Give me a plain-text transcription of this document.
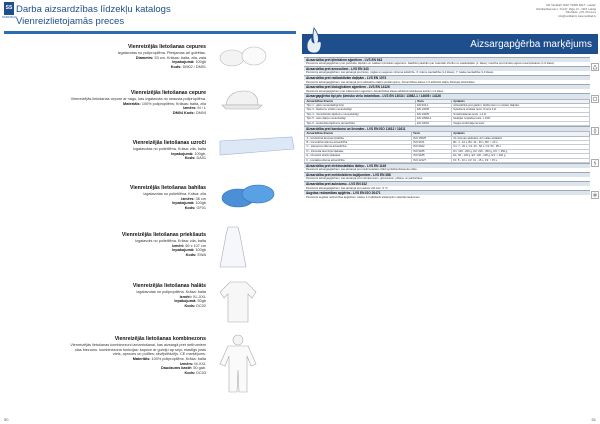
SS
NORD BALT
Darba aizsardzības līdzekļu katalogs
Vienreizlietojamās preces
Vienreizējās lietošanas cepures
Izgatavotas no polipropilēna. Pieejamas arī gofrētas.
Diametrs: 53 cm. Krāsas: balta, zila, zaļa
Iepakojumā: 100gb
Kods: DM02 / DM01
Vienreizējās lietošanas cepure
Vienreizējās lietošanas cepure ar nagu, kas izgatavota no neausta polipropilēna.
Materiāls: 100% polipropilēns; Krāsas: balta, zila
Izmērs: M / L
DM04 Kods: DM04
Vienreizējās lietošanas uzroči
Izgatavotas no polietilēna. Krāsa: zila, balta
Iepakojumā: 100gb.
Kods: DA01
Vienreizējās lietošanas bahilas
Izgatavotas no polietilēna. Krāsa: zila
Izmērs: 36 cm
Iepakojumā: 100gb
Kods: GF01
Vienreizējās lietošanas priekšauts
Izgatavots no polietilēna. Krāsa: zila, balta
Izmēri: 69 x 107 cm
Iepakojumā: 100gb
Kods: EWA
Vienreizējās lietošanas halāts
Izgatavotas no polipropilēna. Krāsa: balta
Izmēri: XL-XXL
Iepakojumā: 50gb
Kods: DC02
Vienreizējās lietošanas kombinezons
Vienreizējās lietošanas kombinezoni izmantošanai, kas aizsargā pret netīrumiem
ņlas biezumu. kombinezona funkcijas: kapuce ar gumiju ap seju; elastīgs josts
viets, aproces un potītes; rāvējslēdzējs. CE marķējums.
Materiāls: 100% polipropilēns. Krāsa: balta
Izmērs: M-XXL
Daudzums kastē: 50 gab.
Kods: DC03
50
SIA "Nordbalt" Rīdzi "NORD BALT - Latvija"
Dārzkopības iela 1, "Kunči", Rīga, LV - 1015, Latvija
Tālr./fakss: +371 67xxxxxx
info@nordbalt.lv www.nordbalt.lv
Aizsargapģērba marķējums
Aizsardzība pret ķīmiskiem aģentiem - LVS EN 943
Piemērots aizsargapģērbam pret gāzveida, šķidrām un tvaikiem ķīmiskiem aģentiem. Jāatbilst prasībām par materiālu izturību un sastāvdaļām (1. klase); noturība pret ķīmisku aģentu caurspiešanos (1-6 klase).
Aizsardzība pret aerosoliem - LVS EN 343
Piemērots aizsargapģērbam, kas aizsargā pret lietus, miglas un augsnes mitruma iedarbību. X: ūdens caurlaidība (1-3 klase), Y: tvaika caurlaidība (1-3 klase).
Aizsardzība pret radioaktīvām daļiņām - LVS EN 1073
Piemērots aizsargapģērbam, kas aizsargā pret radioaktīvu daļiņu piesārņojumu. Aizsardzības klases 1-5 atbilstoši daļiņu filtrācijas efektivitātei.
Aizsardzība pret bioloģiskiem aģentiem - LVS EN 14126
Piemērots aizsargapģērbam pret infekcioziem aģentiem. Aizsardzības klases atbilstoši iekļūšanas testiem 1-6 klase.
Aizsargapģērba tipi pēc ķīmisko vielu iedarbības - LVS EN 13034 / 13982-1 / 14605 / 14126
Aizsardzības līmenis	Tests	Apraksts
Tips 1 - gāzu necaurlaidīgi tērpi	EN 943-1	Aizsardzība pret gāzēm, šķidrumiem un cietām daļiņām
Tips 3 - šķidrumu strūklu necaurlaidīgi	EN 14605	Spiediena strūklas tests, izmērs 4 kl.
Tips 4 - izsmidzinātu šķidrumu necaurlaidīgi	EN 14605	Smidzināšanas tests, 1-4 kl.
Tips 5 - cieto daļiņu necaurlaidīgi	EN 13982-1	Iekšējās noplūdes tests, ≤ 15%
Tips 6 - ierobežota šķidrumu aizsardzība	EN 13034	Viegla smidzinājuma tests
Aizsardzība pret karstumu un liesmām - LVS EN ISO 11612 / 11611
Aizsardzības līmenis	Tests	Apraksts
A - ierobežota liesmas izplatība	ISO 15025	A1 virsmas aizdedze, A2 malas aizdedze
B - konvektīvā siltuma aizsardzība	ISO 9151	B1: 4 - 10 s, B2: 10 - 20 s, B3: > 20 s
C - starojuma siltuma aizsardzība	ISO 6942	C1: 7 - 20 s, C2: 20 - 50 s, C3: 50 - 95 s
D - izkusuša alumīnija šļakatas	ISO 9185	D1: 100 - 200 g, D2: 200 - 350 g, D3: > 350 g
E - izkusuša dzelzs šļakatas	ISO 9185	E1: 60 - 120 g, E2: 120 - 200 g, E3: > 200 g
F - kontakta siltuma aizsardzība	ISO 12127	F1: 5 - 10 s, F2: 10 - 15 s, F3: > 15 s
Aizsardzība pret elektrostatisko lādiņu - LVS EN 1149
Piemērots aizsargapģērbam, kas aizsargā pret elektrostatisko izlādi sprādzienbīstamās vidēs.
Aizsardzība pret mehāniskiem bojājumiem - LVS EN 388
Piemērots aizsargapģērbam, kas aizsargā pret nobrāzumiem, griezumiem, plīšanu un pārduršanu.
Aizsardzība pret aukstumu - LVS EN 342
Piemērots aizsargapģērbam, kas aizsargā pret aukstu vidi zem -5 °C.
Augstas redzamības apģērbs - LVS EN ISO 20471
Piemērots augstas redzamības apģērbam, klases 1-3 atbilstoši atstarojošo materiālu laukumam.
51
